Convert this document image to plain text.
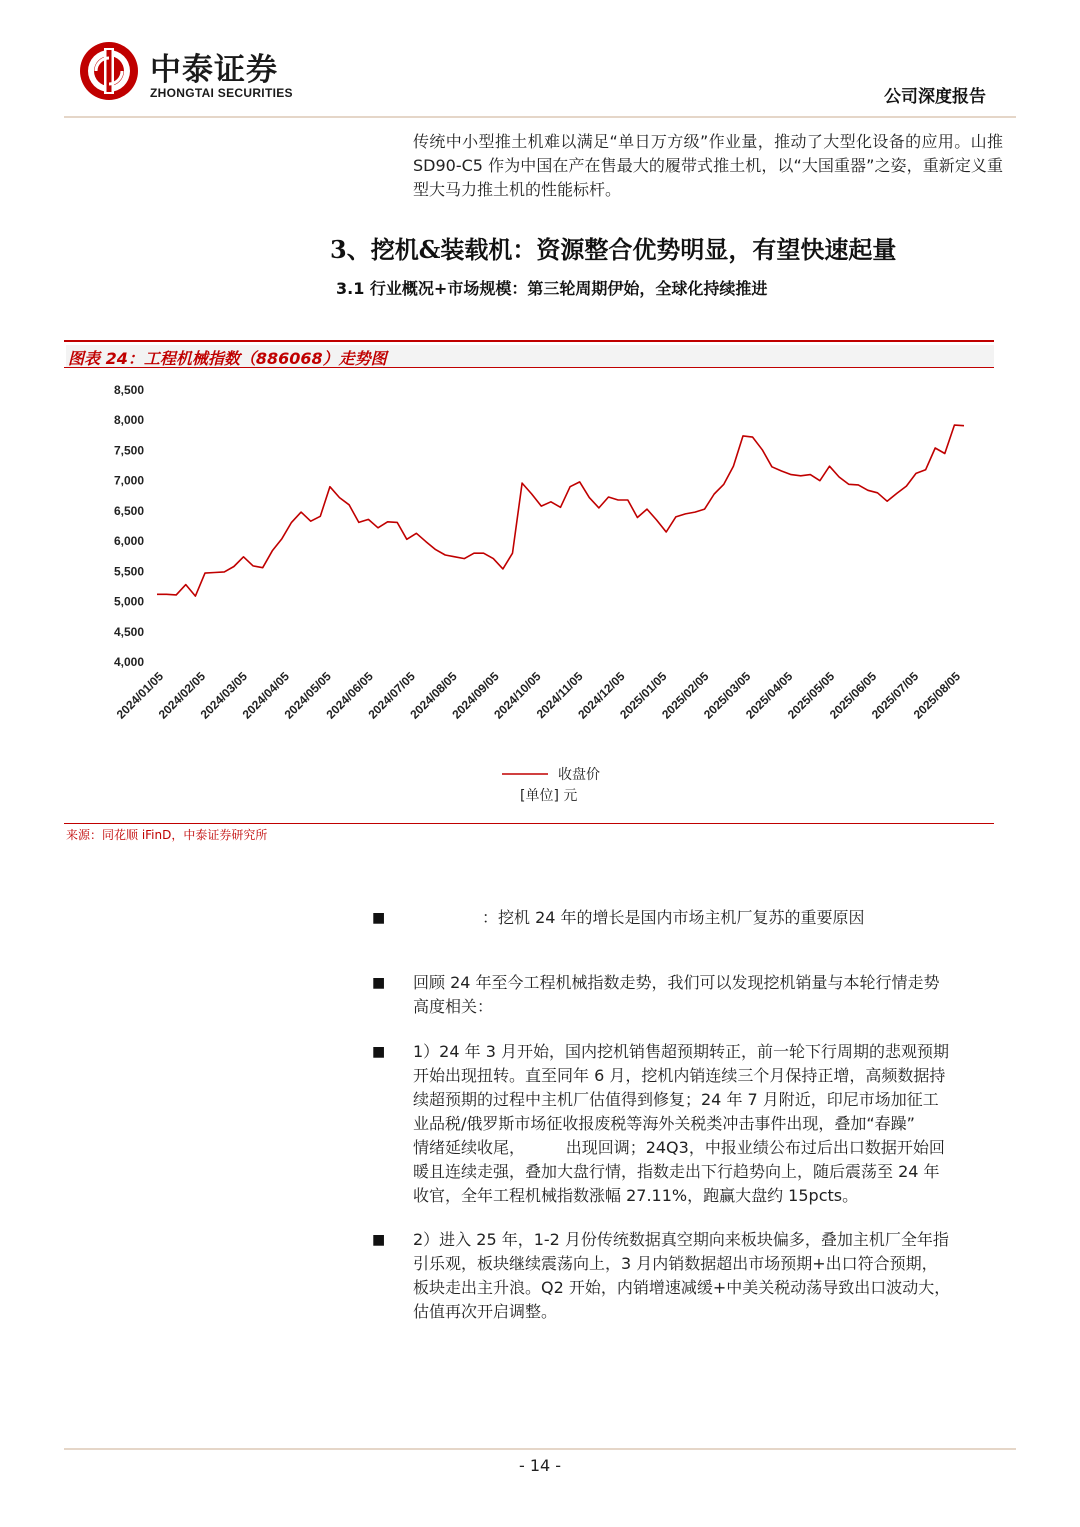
中泰证券
ZHONGTAI SECURITIES	公司深度报告
传统中小型推土机难以满足“单日万方级”作业量，推动了大型化设备的应用。山推 SD90-C5 作为中国在产在售最大的履带式推土机，以“大国重器”之姿，重新定义重型大马力推土机的性能标杆。
3、挖机&装载机：资源整合优势明显，有望快速起量
3.1 行业概况+市场规模：第三轮周期伊始，全球化持续推进
图表 24：工程机械指数（886068）走势图
8,500
8,000
7,500
7,000
6,500
6,000
5,500
5,000
4,500
4,000
2024/01/05
2024/02/05
2024/03/05
2024/04/05
2024/05/05
2024/06/05
2024/07/05
2024/08/05
2024/09/05
2024/10/05
2024/11/05
2024/12/05
2025/01/05
2025/02/05
2025/03/05
2025/04/05
2025/05/05
2025/06/05
2025/07/05
2025/08/05
收盘价
[单位] 元
来源：同花顺 iFinD，中泰证券研究所
■	：挖机 24 年的增长是国内市场主机厂复苏的重要原因
■ 回顾 24 年至今工程机械指数走势，我们可以发现挖机销量与本轮行情走势
高度相关：
■ 1）24 年 3 月开始，国内挖机销售超预期转正，前一轮下行周期的悲观预期
开始出现扭转。直至同年 6 月，挖机内销连续三个月保持正增，高频数据持
续超预期的过程中主机厂估值得到修复；24 年 7 月附近，印尼市场加征工
业品税/俄罗斯市场征收报废税等海外关税类冲击事件出现，叠加“春躁”
情绪延续收尾，        出现回调；24Q3，中报业绩公布过后出口数据开始回
暖且连续走强，叠加大盘行情，指数走出下行趋势向上，随后震荡至 24 年
收官，全年工程机械指数涨幅 27.11%，跑赢大盘约 15pcts。
■ 2）进入 25 年，1-2 月份传统数据真空期向来板块偏多，叠加主机厂全年指
引乐观，板块继续震荡向上，3 月内销数据超出市场预期+出口符合预期，
板块走出主升浪。Q2 开始，内销增速减缓+中美关税动荡导致出口波动大，
估值再次开启调整。
- 14 -
